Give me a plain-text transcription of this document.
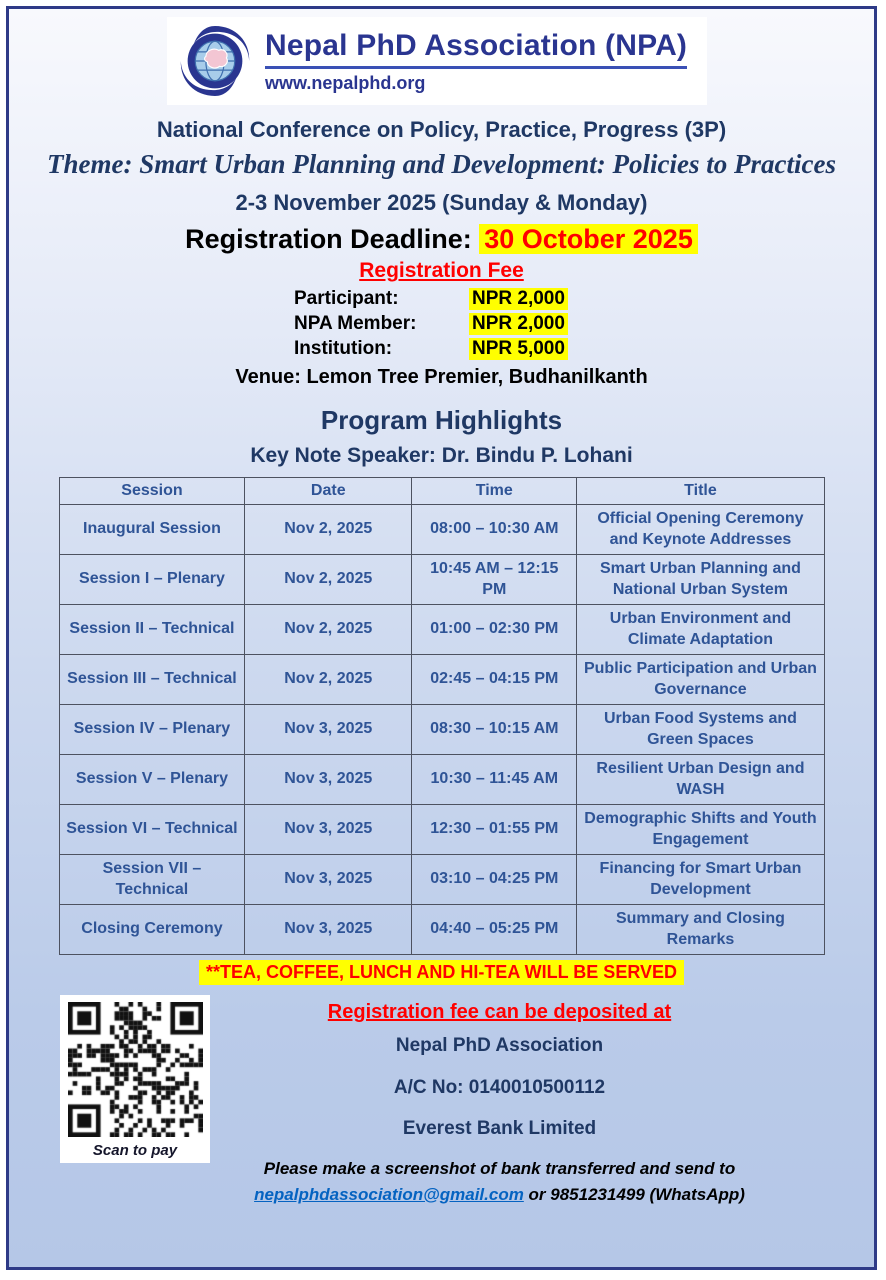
Nepal PhD Association (NPA)
www.nepalphd.org
National Conference on Policy, Practice, Progress (3P)
Theme: Smart Urban Planning and Development: Policies to Practices
2-3 November 2025 (Sunday & Monday)
Registration Deadline: 30 October 2025
Registration Fee
Participant:	NPR 2,000
NPA Member:	NPR 2,000
Institution:	NPR 5,000
Venue: Lemon Tree Premier, Budhanilkanth
Program Highlights
Key Note Speaker: Dr. Bindu P. Lohani
Session	Date	Time	Title
Inaugural Session	Nov 2, 2025	08:00 – 10:30 AM	Official Opening Ceremony and Keynote Addresses
Session I – Plenary	Nov 2, 2025	10:45 AM – 12:15 PM	Smart Urban Planning and National Urban System
Session II – Technical	Nov 2, 2025	01:00 – 02:30 PM	Urban Environment and Climate Adaptation
Session III – Technical	Nov 2, 2025	02:45 – 04:15 PM	Public Participation and Urban Governance
Session IV – Plenary	Nov 3, 2025	08:30 – 10:15 AM	Urban Food Systems and Green Spaces
Session V – Plenary	Nov 3, 2025	10:30 – 11:45 AM	Resilient Urban Design and WASH
Session VI – Technical	Nov 3, 2025	12:30 – 01:55 PM	Demographic Shifts and Youth Engagement
Session VII – Technical	Nov 3, 2025	03:10 – 04:25 PM	Financing for Smart Urban Development
Closing Ceremony	Nov 3, 2025	04:40 – 05:25 PM	Summary and Closing Remarks
**TEA, COFFEE, LUNCH AND HI-TEA WILL BE SERVED
Scan to pay
Registration fee can be deposited at
Nepal PhD Association
A/C No: 0140010500112
Everest Bank Limited
Please make a screenshot of bank transferred and send to
nepalphdassociation@gmail.com or 9851231499 (WhatsApp)
